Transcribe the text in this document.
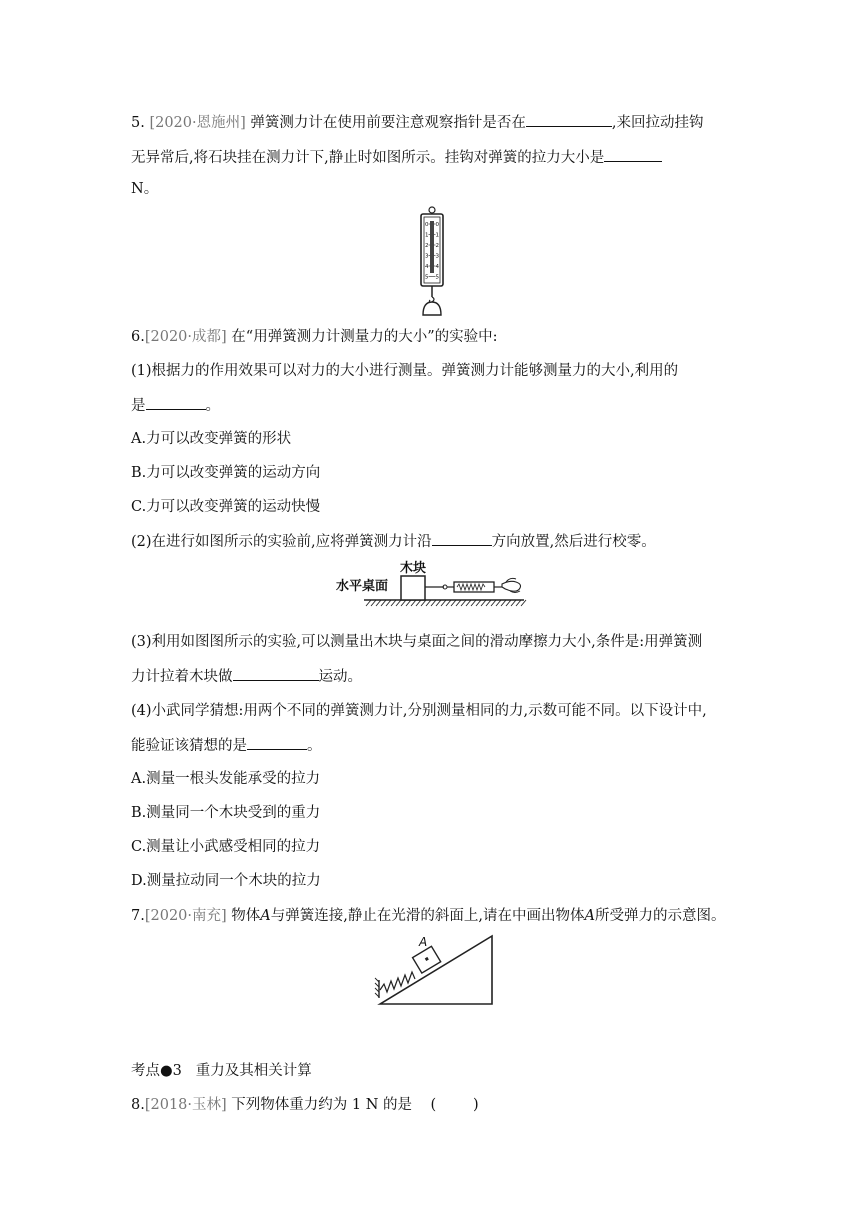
5. [2020·恩施州] 弹簧测力计在使用前要注意观察指针是否在	,来回拉动挂钩
无异常后,将石块挂在测力计下,静止时如图所示。挂钩对弹簧的拉力大小是
N。
0 0
1 1
2 2
3 3
4 4
5 5
6.[2020·成都] 在“用弹簧测力计测量力的大小”的实验中:
(1)根据力的作用效果可以对力的大小进行测量。弹簧测力计能够测量力的大小,利用的
是	。
A.力可以改变弹簧的形状
B.力可以改变弹簧的运动方向
C.力可以改变弹簧的运动快慢
(2)在进行如图所示的实验前,应将弹簧测力计沿	方向放置,然后进行校零。
水平桌面
木块
(3)利用如图图所示的实验,可以测量出木块与桌面之间的滑动摩擦力大小,条件是:用弹簧测
力计拉着木块做	运动。
(4)小武同学猜想:用两个不同的弹簧测力计,分别测量相同的力,示数可能不同。以下设计中,
能验证该猜想的是	。
A.测量一根头发能承受的拉力
B.测量同一个木块受到的重力
C.测量让小武感受相同的拉力
D.测量拉动同一个木块的拉力
7.[2020·南充] 物体A与弹簧连接,静止在光滑的斜面上,请在中画出物体A所受弹力的示意图。
A
考点●3 重力及其相关计算
8.[2018·玉林] 下列物体重力约为 1 N 的是 (        )
